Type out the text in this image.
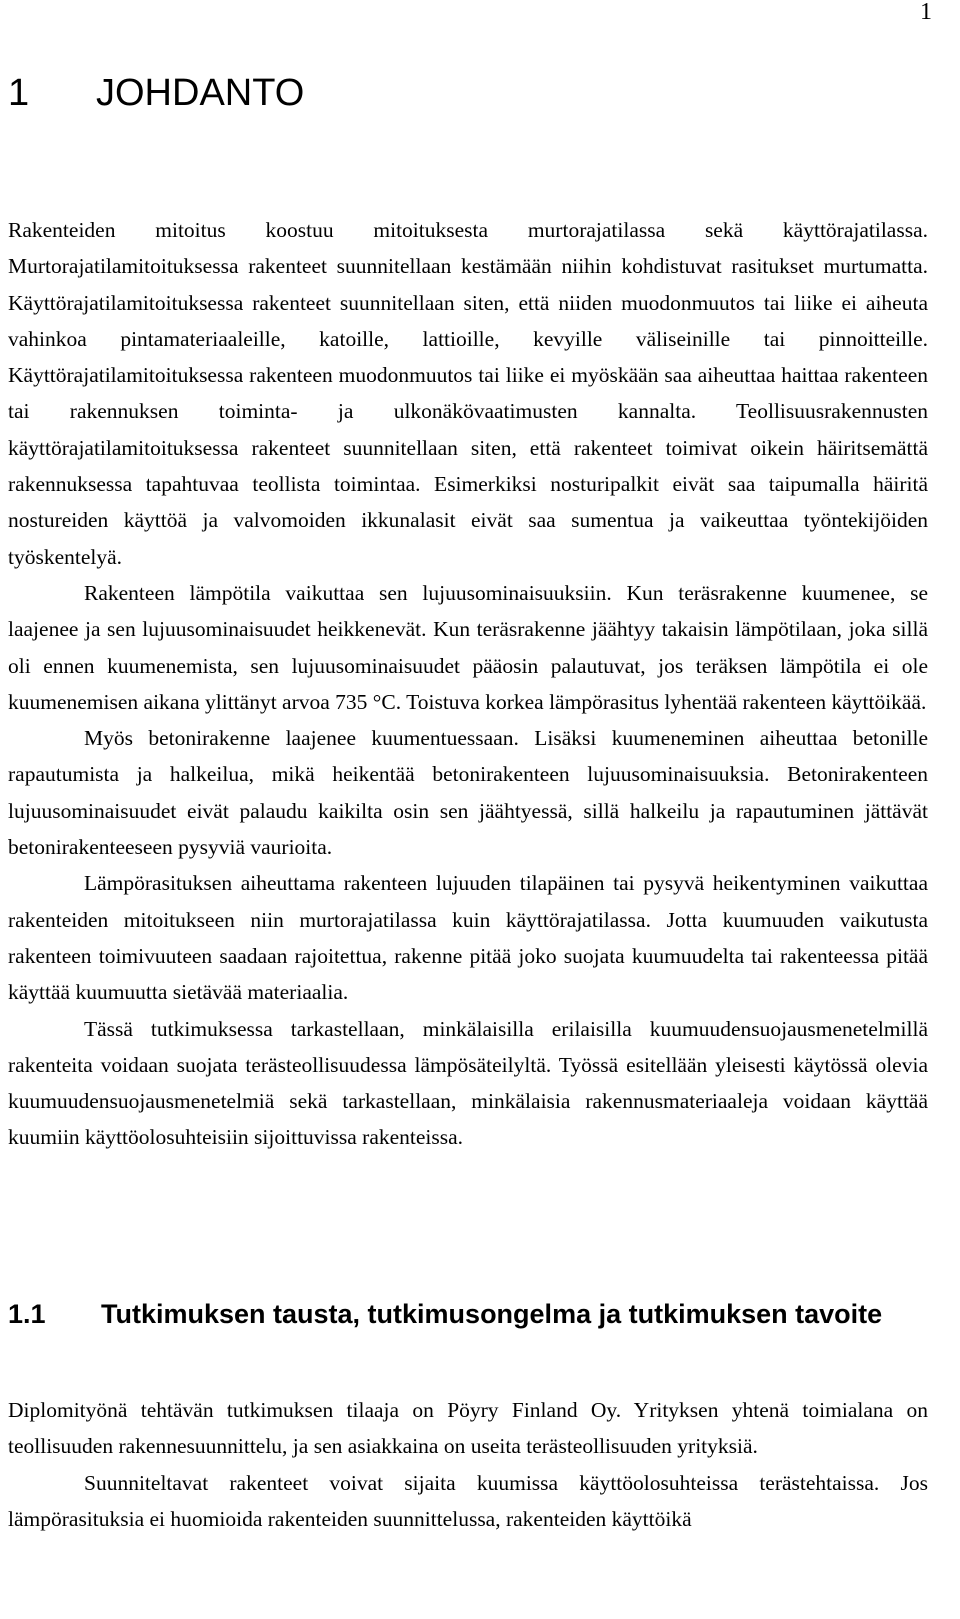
1
1 JOHDANTO

Rakenteiden mitoitus koostuu mitoituksesta murtorajatilassa sekä käyttörajatilassa. Murtorajatilamitoituksessa rakenteet suunnitellaan kestämään niihin kohdistuvat rasitukset murtumatta. Käyttörajatilamitoituksessa rakenteet suunnitellaan siten, että niiden muodonmuutos tai liike ei aiheuta vahinkoa pintamateriaaleille, katoille, lattioille, kevyille väliseinille tai pinnoitteille. Käyttörajatilamitoituksessa rakenteen muodonmuutos tai liike ei myöskään saa aiheuttaa haittaa rakenteen tai rakennuksen toiminta- ja ulkonäkövaatimusten kannalta. Teollisuusrakennusten käyttörajatilamitoituksessa rakenteet suunnitellaan siten, että rakenteet toimivat oikein häiritsemättä rakennuksessa tapahtuvaa teollista toimintaa. Esimerkiksi nosturipalkit eivät saa taipumalla häiritä nostureiden käyttöä ja valvomoiden ikkunalasit eivät saa sumentua ja vaikeuttaa työntekijöiden työskentelyä.

Rakenteen lämpötila vaikuttaa sen lujuusominaisuuksiin. Kun teräsrakenne kuumenee, se laajenee ja sen lujuusominaisuudet heikkenevät. Kun teräsrakenne jäähtyy takaisin lämpötilaan, joka sillä oli ennen kuumenemista, sen lujuusominaisuudet pääosin palautuvat, jos teräksen lämpötila ei ole kuumenemisen aikana ylittänyt arvoa 735 °C. Toistuva korkea lämpörasitus lyhentää rakenteen käyttöikää.

Myös betonirakenne laajenee kuumentuessaan. Lisäksi kuumeneminen aiheuttaa betonille rapautumista ja halkeilua, mikä heikentää betonirakenteen lujuusominaisuuksia. Betonirakenteen lujuusominaisuudet eivät palaudu kaikilta osin sen jäähtyessä, sillä halkeilu ja rapautuminen jättävät betonirakenteeseen pysyviä vaurioita.

Lämpörasituksen aiheuttama rakenteen lujuuden tilapäinen tai pysyvä heikentyminen vaikuttaa rakenteiden mitoitukseen niin murtorajatilassa kuin käyttörajatilassa. Jotta kuumuuden vaikutusta rakenteen toimivuuteen saadaan rajoitettua, rakenne pitää joko suojata kuumuudelta tai rakenteessa pitää käyttää kuumuutta sietävää materiaalia.

Tässä tutkimuksessa tarkastellaan, minkälaisilla erilaisilla kuumuudensuojausmenetelmillä rakenteita voidaan suojata terästeollisuudessa lämpösäteilyltä. Työssä esitellään yleisesti käytössä olevia kuumuudensuojausmenetelmiä sekä tarkastellaan, minkälaisia rakennusmateriaaleja voidaan käyttää kuumiin käyttöolosuhteisiin sijoittuvissa rakenteissa.

1.1 Tutkimuksen tausta, tutkimusongelma ja tutkimuksen tavoite

Diplomityönä tehtävän tutkimuksen tilaaja on Pöyry Finland Oy. Yrityksen yhtenä toimialana on teollisuuden rakennesuunnittelu, ja sen asiakkaina on useita terästeollisuuden yrityksiä.

Suunniteltavat rakenteet voivat sijaita kuumissa käyttöolosuhteissa terästehtaissa. Jos lämpörasituksia ei huomioida rakenteiden suunnittelussa, rakenteiden käyttöikä
